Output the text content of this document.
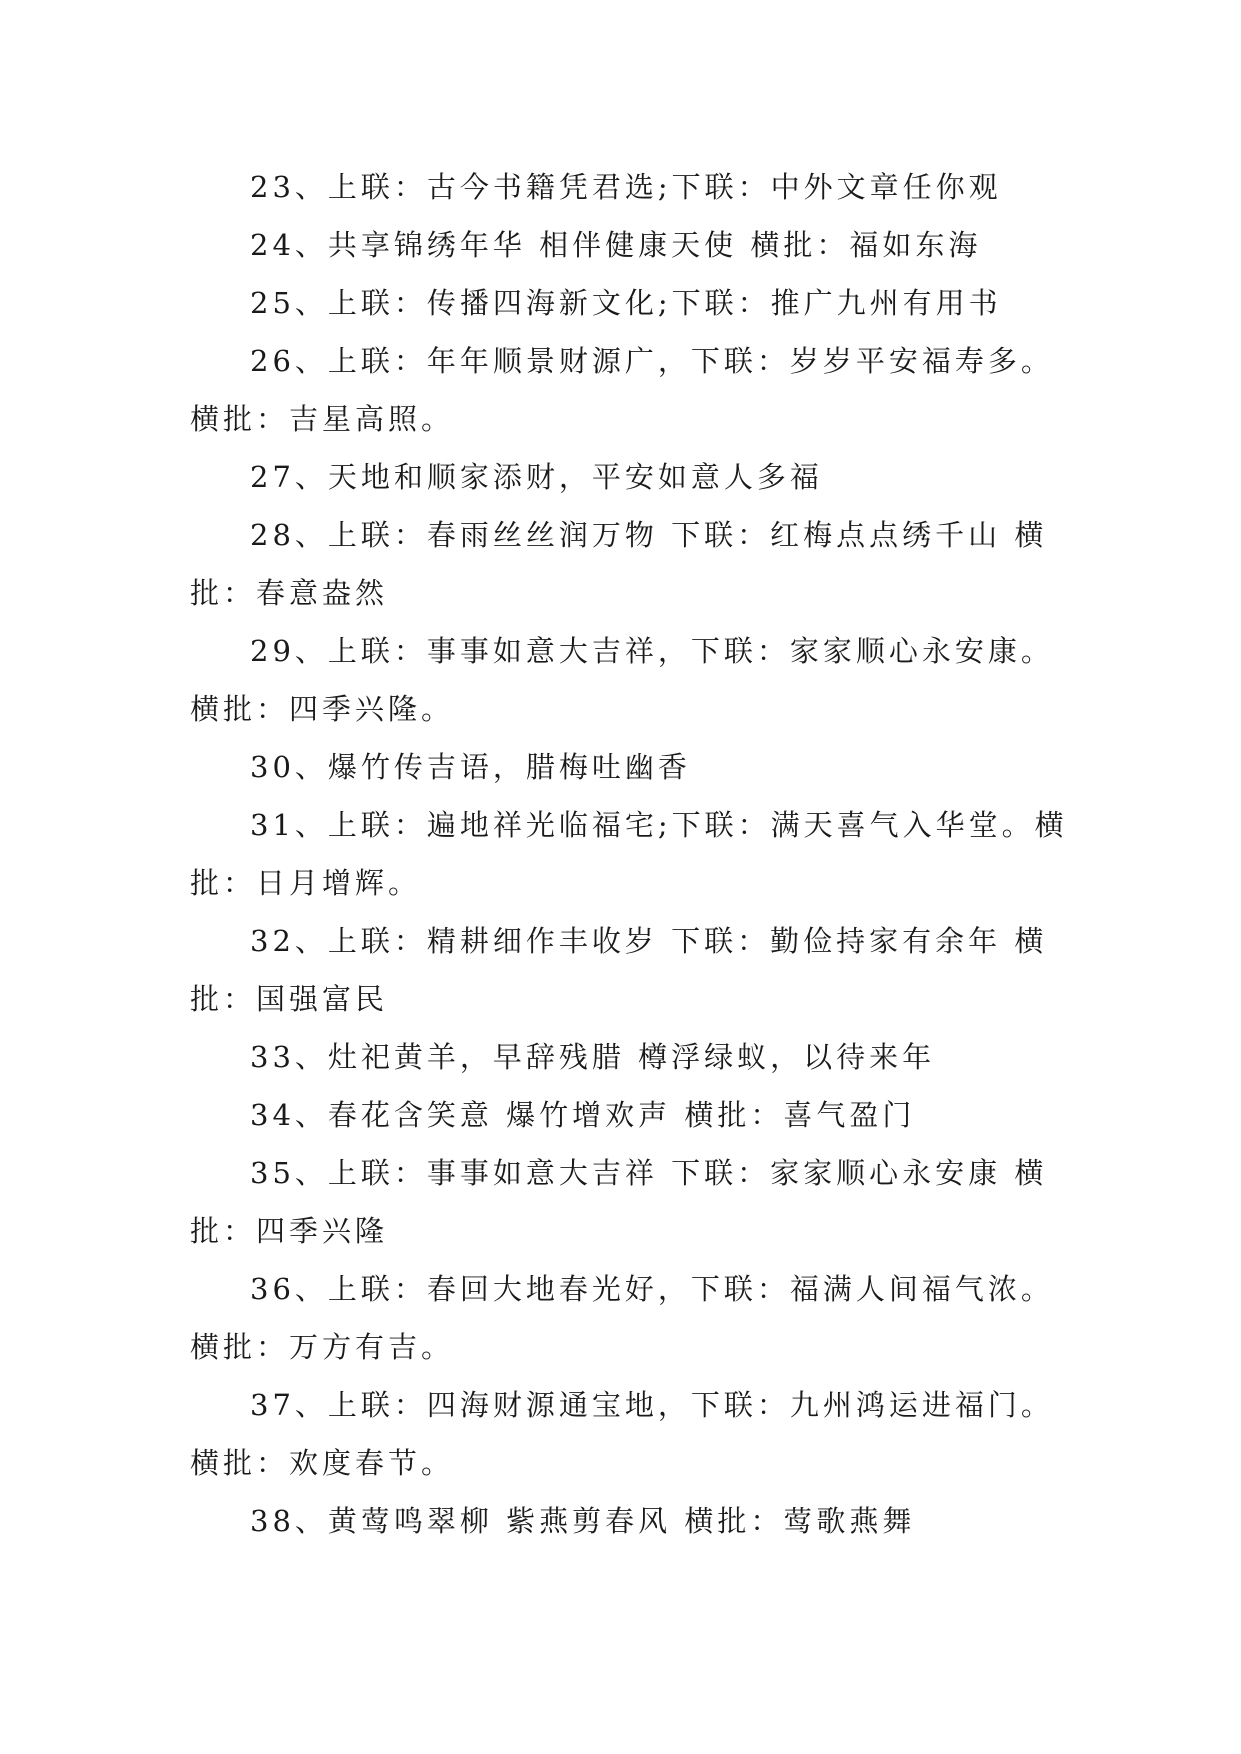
23、上联：古今书籍凭君选;下联：中外文章任你观

24、共享锦绣年华 相伴健康天使 横批：福如东海

25、上联：传播四海新文化;下联：推广九州有用书

26、上联：年年顺景财源广，下联：岁岁平安福寿多。横批：吉星高照。

27、天地和顺家添财，平安如意人多福

28、上联：春雨丝丝润万物 下联：红梅点点绣千山 横批：春意盎然

29、上联：事事如意大吉祥，下联：家家顺心永安康。横批：四季兴隆。

30、爆竹传吉语，腊梅吐幽香

31、上联：遍地祥光临福宅;下联：满天喜气入华堂。横批：日月增辉。

32、上联：精耕细作丰收岁 下联：勤俭持家有余年 横批：国强富民

33、灶祀黄羊，早辞残腊 樽浮绿蚁，以待来年

34、春花含笑意 爆竹增欢声 横批：喜气盈门

35、上联：事事如意大吉祥 下联：家家顺心永安康 横批：四季兴隆

36、上联：春回大地春光好，下联：福满人间福气浓。横批：万方有吉。

37、上联：四海财源通宝地，下联：九州鸿运进福门。横批：欢度春节。

38、黄莺鸣翠柳 紫燕剪春风 横批：莺歌燕舞
